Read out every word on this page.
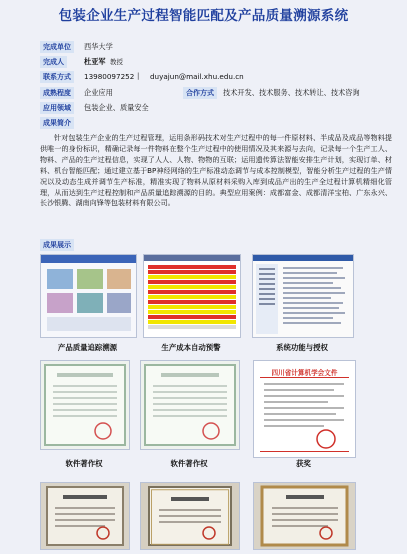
包装企业生产过程智能匹配及产品质量溯源系统
完成单位	西华大学
完成人	杜亚军 教授
联系方式	13980097252 | duyajun@mail.xhu.edu.cn
成熟程度	企业应用	合作方式	技术开发、技术服务、技术转让、技术咨询
应用领域	包装企业、质量安全
成果简介
针对包装生产企业的生产过程管理，运用条形码技术对生产过程中的每一件原材料、半成品及成品等物料提供唯一的身份标识，精确记录每一件物料在整个生产过程中的使用情况及其来源与去向，记录每一个生产工人、物料、产品的生产过程信息，实现了人人、人物、物物的互联；运用遗传算法智能安排生产计划，实现订单、材料、机台智能匹配；通过建立基于BP神经网络的生产标准动态调节与成本控制模型，智能分析生产过程的生产情况以及动态生成并调节生产标准，精准实现了物料从原材料采购入库到成品产出的生产全过程计算机精细化管理，从而达到生产过程控制和产品质量追踪溯源的目的。典型应用案例：成都富金、成都清洋宝柏、广东永兴、长沙银腾、湖南向锋等包装材料有限公司。
成果展示
产品质量追踪溯源	生产成本自动预警	系统功能与授权
四川省计算机学会文件
软件著作权	软件著作权	获奖
